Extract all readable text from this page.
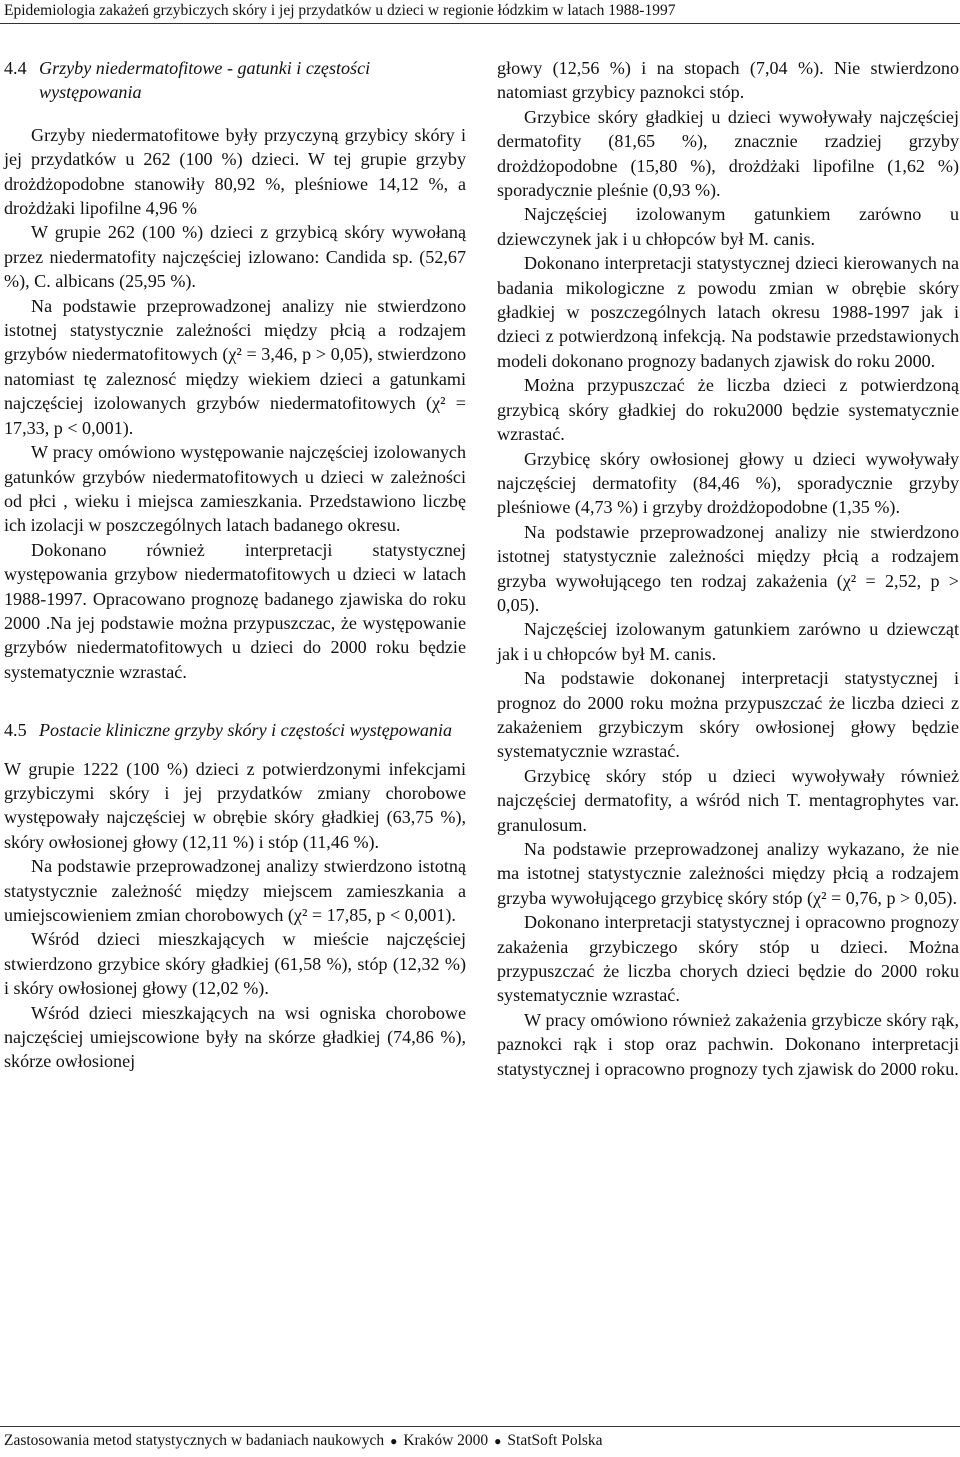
Epidemiologia zakażeń grzybiczych skóry i jej przydatków u dzieci w regionie łódzkim w latach 1988-1997
4.4 Grzyby niedermatofitowe - gatunki i częstości występowania

Grzyby niedermatofitowe były przyczyną grzybicy skóry i jej przydatków u 262 (100 %) dzieci. W tej grupie grzyby drożdżopodobne stanowiły 80,92 %, pleśniowe 14,12 %, a drożdżaki lipofilne 4,96 %

W grupie 262 (100 %) dzieci z grzybicą skóry wywołaną przez niedermatofity najczęściej izlowano: Candida sp. (52,67 %), C. albicans (25,95 %).

Na podstawie przeprowadzonej analizy nie stwierdzono istotnej statystycznie zależności między płcią a rodzajem grzybów niedermatofitowych (χ² = 3,46, p > 0,05), stwierdzono natomiast tę zaleznosć między wiekiem dzieci a gatunkami najczęściej izolowanych grzybów niedermatofitowych (χ² = 17,33, p < 0,001).

W pracy omówiono występowanie najczęściej izolowanych gatunków grzybów niedermatofitowych u dzieci w zależności od płci , wieku i miejsca zamieszkania. Przedstawiono liczbę ich izolacji w poszczególnych latach badanego okresu.

Dokonano również interpretacji statystycznej występowania grzybow niedermatofitowych u dzieci w latach 1988-1997. Opracowano prognozę badanego zjawiska do roku 2000 .Na jej podstawie można przypuszczac, że występowanie grzybów niedermatofitowych u dzieci do 2000 roku będzie systematycznie wzrastać.

4.5 Postacie kliniczne grzyby skóry i częstości występowania

W grupie 1222 (100 %) dzieci z potwierdzonymi infekcjami grzybiczymi skóry i jej przydatków zmiany chorobowe występowały najczęściej w obrębie skóry gładkiej (63,75 %), skóry owłosionej głowy (12,11 %) i stóp (11,46 %).

Na podstawie przeprowadzonej analizy stwierdzono istotną statystycznie zależność między miejscem zamieszkania a umiejscowieniem zmian chorobowych (χ² = 17,85, p < 0,001).

Wśród dzieci mieszkających w mieście najczęściej stwierdzono grzybice skóry gładkiej (61,58 %), stóp (12,32 %) i skóry owłosionej głowy (12,02 %).

Wśród dzieci mieszkających na wsi ogniska chorobowe najczęściej umiejscowione były na skórze gładkiej (74,86 %), skórze owłosionej

głowy (12,56 %) i na stopach (7,04 %). Nie stwierdzono natomiast grzybicy paznokci stóp.

Grzybice skóry gładkiej u dzieci wywoływały najczęściej dermatofity (81,65 %), znacznie rzadziej grzyby drożdżopodobne (15,80 %), drożdżaki lipofilne (1,62 %) sporadycznie pleśnie (0,93 %).

Najczęściej izolowanym gatunkiem zarówno u dziewczynek jak i u chłopców był M. canis.

Dokonano interpretacji statystycznej dzieci kierowanych na badania mikologiczne z powodu zmian w obrębie skóry gładkiej w poszczególnych latach okresu 1988-1997 jak i dzieci z potwierdzoną infekcją. Na podstawie przedstawionych modeli dokonano prognozy badanych zjawisk do roku 2000.

Można przypuszczać że liczba dzieci z potwierdzoną grzybicą skóry gładkiej do roku2000 będzie systematycznie wzrastać.

Grzybicę skóry owłosionej głowy u dzieci wywoływały najczęściej dermatofity (84,46 %), sporadycznie grzyby pleśniowe (4,73 %) i grzyby drożdżopodobne (1,35 %).

Na podstawie przeprowadzonej analizy nie stwierdzono istotnej statystycznie zależności między płcią a rodzajem grzyba wywołującego ten rodzaj zakażenia (χ² = 2,52, p > 0,05).

Najczęściej izolowanym gatunkiem zarówno u dziewcząt jak i u chłopców był M. canis.

Na podstawie dokonanej interpretacji statystycznej i prognoz do 2000 roku można przypuszczać że liczba dzieci z zakażeniem grzybiczym skóry owłosionej głowy będzie systematycznie wzrastać.

Grzybicę skóry stóp u dzieci wywoływały również najczęściej dermatofity, a wśród nich T. mentagrophytes var. granulosum.

Na podstawie przeprowadzonej analizy wykazano, że nie ma istotnej statystycznie zależności między płcią a rodzajem grzyba wywołującego grzybicę skóry stóp (χ² = 0,76, p > 0,05).

Dokonano interpretacji statystycznej i opracowno prognozy zakażenia grzybiczego skóry stóp u dzieci. Można przypuszczać że liczba chorych dzieci będzie do 2000 roku systematycznie wzrastać.

W pracy omówiono również zakażenia grzybicze skóry rąk, paznokci rąk i stop oraz pachwin. Dokonano interpretacji statystycznej i opracowno prognozy tych zjawisk do 2000 roku.

Zastosowania metod statystycznych w badaniach naukowych ● Kraków 2000 ● StatSoft Polska
